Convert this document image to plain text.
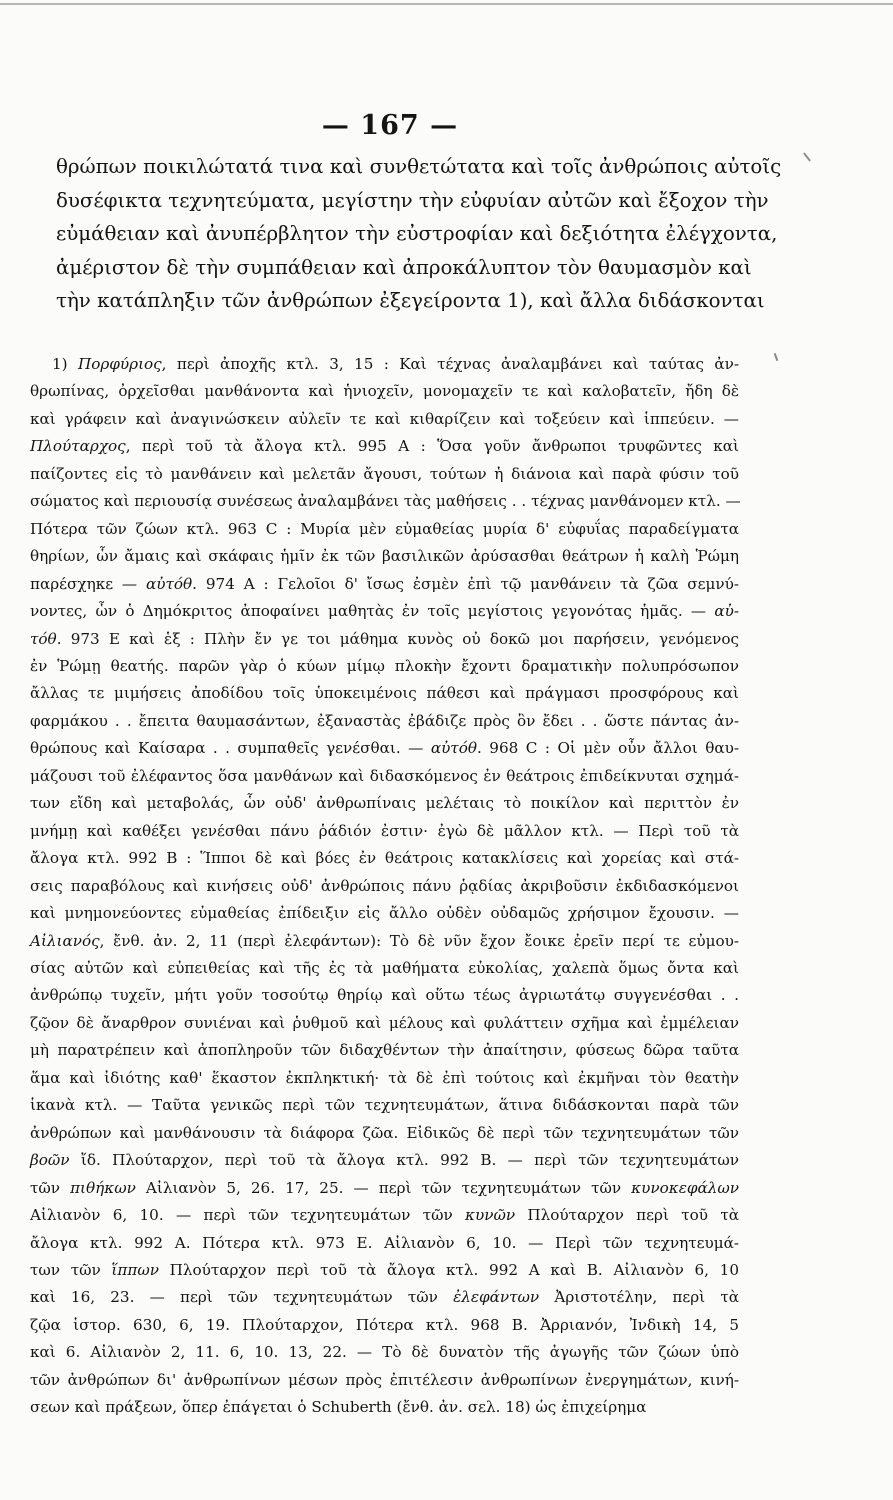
— 167 —
θρώπων ποικιλώτατά τινα καὶ συνθετώτατα καὶ τοῖς ἀνθρώποις αὐτοῖς
δυσέφικτα τεχνητεύματα, μεγίστην τὴν εὐφυίαν αὐτῶν καὶ ἔξοχον τὴν
εὐμάθειαν καὶ ἀνυπέρβλητον τὴν εὐστροφίαν καὶ δεξιότητα ἐλέγχοντα,
ἀμέριστον δὲ τὴν συμπάθειαν καὶ ἀπροκάλυπτον τὸν θαυμασμὸν καὶ
τὴν κατάπληξιν τῶν ἀνθρώπων ἐξεγείροντα 1), καὶ ἄλλα διδάσκονται
1) Πορφύριος, περὶ ἀποχῆς κτλ. 3, 15 : Καὶ τέχνας ἀναλαμβάνει καὶ ταύτας ἀν-
θρωπίνας, ὀρχεῖσθαι μανθάνοντα καὶ ἡνιοχεῖν, μονομαχεῖν τε καὶ καλοβατεῖν, ἤδη δὲ
καὶ γράφειν καὶ ἀναγινώσκειν αὐλεῖν τε καὶ κιθαρίζειν καὶ τοξεύειν καὶ ἱππεύειν. —
Πλούταρχος, περὶ τοῦ τὰ ἄλογα κτλ. 995 Α : Ὅσα γοῦν ἄνθρωποι τρυφῶντες καὶ
παίζοντες εἰς τὸ μανθάνειν καὶ μελετᾶν ἄγουσι, τούτων ἡ διάνοια καὶ παρὰ φύσιν τοῦ
σώματος καὶ περιουσίᾳ συνέσεως ἀναλαμβάνει τὰς μαθήσεις . . τέχνας μανθάνομεν κτλ. —
Πότερα τῶν ζώων κτλ. 963 C : Μυρία μὲν εὐμαθείας μυρία δ' εὐφυΐας παραδείγματα
θηρίων, ὧν ἄμαις καὶ σκάφαις ἡμῖν ἐκ τῶν βασιλικῶν ἀρύσασθαι θεάτρων ἡ καλὴ Ῥώμη
παρέσχηκε — αὐτόθ. 974 Α : Γελοῖοι δ' ἴσως ἐσμὲν ἐπὶ τῷ μανθάνειν τὰ ζῶα σεμνύ-
νοντες, ὧν ὁ Δημόκριτος ἀποφαίνει μαθητὰς ἐν τοῖς μεγίστοις γεγονότας ἡμᾶς. — αὐ-
τόθ. 973 Ε καὶ ἑξ : Πλὴν ἔν γε τοι μάθημα κυνὸς οὐ δοκῶ μοι παρήσειν, γενόμενος
ἐν Ῥώμῃ θεατής. παρῶν γὰρ ὁ κύων μίμῳ πλοκὴν ἔχοντι δραματικὴν πολυπρόσωπον
ἄλλας τε μιμήσεις ἀποδίδου τοῖς ὑποκειμένοις πάθεσι καὶ πράγμασι προσφόρους καὶ
φαρμάκου . . ἔπειτα θαυμασάντων, ἐξαναστὰς ἐβάδιζε πρὸς ὃν ἔδει . . ὥστε πάντας ἀν-
θρώπους καὶ Καίσαρα . . συμπαθεῖς γενέσθαι. — αὐτόθ. 968 C : Οἱ μὲν οὖν ἄλλοι θαυ-
μάζουσι τοῦ ἐλέφαντος ὅσα μανθάνων καὶ διδασκόμενος ἐν θεάτροις ἐπιδείκνυται σχημά-
των εἴδη καὶ μεταβολάς, ὧν οὐδ' ἀνθρωπίναις μελέταις τὸ ποικίλον καὶ περιττὸν ἐν
μνήμῃ καὶ καθέξει γενέσθαι πάνυ ῥάδιόν ἐστιν· ἐγὼ δὲ μᾶλλον κτλ. — Περὶ τοῦ τὰ
ἄλογα κτλ. 992 Β : Ἵπποι δὲ καὶ βόες ἐν θεάτροις κατακλίσεις καὶ χορείας καὶ στά-
σεις παραβόλους καὶ κινήσεις οὐδ' ἀνθρώποις πάνυ ῥᾳδίας ἀκριβοῦσιν ἐκδιδασκόμενοι
καὶ μνημονεύοντες εὐμαθείας ἐπίδειξιν εἰς ἄλλο οὐδὲν οὐδαμῶς χρήσιμον ἔχουσιν. —
Αἰλιανός, ἔνθ. ἀν. 2, 11 (περὶ ἐλεφάντων): Τὸ δὲ νῦν ἔχον ἔοικε ἐρεῖν περί τε εὐμου-
σίας αὐτῶν καὶ εὐπειθείας καὶ τῆς ἐς τὰ μαθήματα εὐκολίας, χαλεπὰ ὅμως ὄντα καὶ
ἀνθρώπῳ τυχεῖν, μήτι γοῦν τοσούτῳ θηρίῳ καὶ οὕτω τέως ἀγριωτάτῳ συγγενέσθαι . .
ζῷον δὲ ἄναρθρον συνιέναι καὶ ῥυθμοῦ καὶ μέλους καὶ φυλάττειν σχῆμα καὶ ἐμμέλειαν
μὴ παρατρέπειν καὶ ἀποπληροῦν τῶν διδαχθέντων τὴν ἀπαίτησιν, φύσεως δῶρα ταῦτα
ἅμα καὶ ἰδιότης καθ' ἕκαστον ἐκπληκτική· τὰ δὲ ἐπὶ τούτοις καὶ ἐκμῆναι τὸν θεατὴν
ἱκανὰ κτλ. — Ταῦτα γενικῶς περὶ τῶν τεχνητευμάτων, ἅτινα διδάσκονται παρὰ τῶν
ἀνθρώπων καὶ μανθάνουσιν τὰ διάφορα ζῶα. Εἰδικῶς δὲ περὶ τῶν τεχνητευμάτων τῶν
βοῶν ἴδ. Πλούταρχον, περὶ τοῦ τὰ ἄλογα κτλ. 992 Β. — περὶ τῶν τεχνητευμάτων
τῶν πιθήκων Αἰλιανὸν 5, 26. 17, 25. — περὶ τῶν τεχνητευμάτων τῶν κυνοκεφάλων
Αἰλιανὸν 6, 10. — περὶ τῶν τεχνητευμάτων τῶν κυνῶν Πλούταρχον περὶ τοῦ τὰ
ἄλογα κτλ. 992 Α. Πότερα κτλ. 973 Ε. Αἰλιανὸν 6, 10. — Περὶ τῶν τεχνητευμά-
των τῶν ἵππων Πλούταρχον περὶ τοῦ τὰ ἄλογα κτλ. 992 Α καὶ Β. Αἰλιανὸν 6, 10
καὶ 16, 23. — περὶ τῶν τεχνητευμάτων τῶν ἐλεφάντων Ἀριστοτέλην, περὶ τὰ
ζῷα ἱστορ. 630, 6, 19. Πλούταρχον, Πότερα κτλ. 968 Β. Ἀρριανόν, Ἰνδικὴ 14, 5
καὶ 6. Αἰλιανὸν 2, 11. 6, 10. 13, 22. — Τὸ δὲ δυνατὸν τῆς ἀγωγῆς τῶν ζώων ὑπὸ
τῶν ἀνθρώπων δι' ἀνθρωπίνων μέσων πρὸς ἐπιτέλεσιν ἀνθρωπίνων ἐνεργημάτων, κινή-
σεων καὶ πράξεων, ὅπερ ἐπάγεται ὁ Schuberth (ἔνθ. ἀν. σελ. 18) ὡς ἐπιχείρημα
